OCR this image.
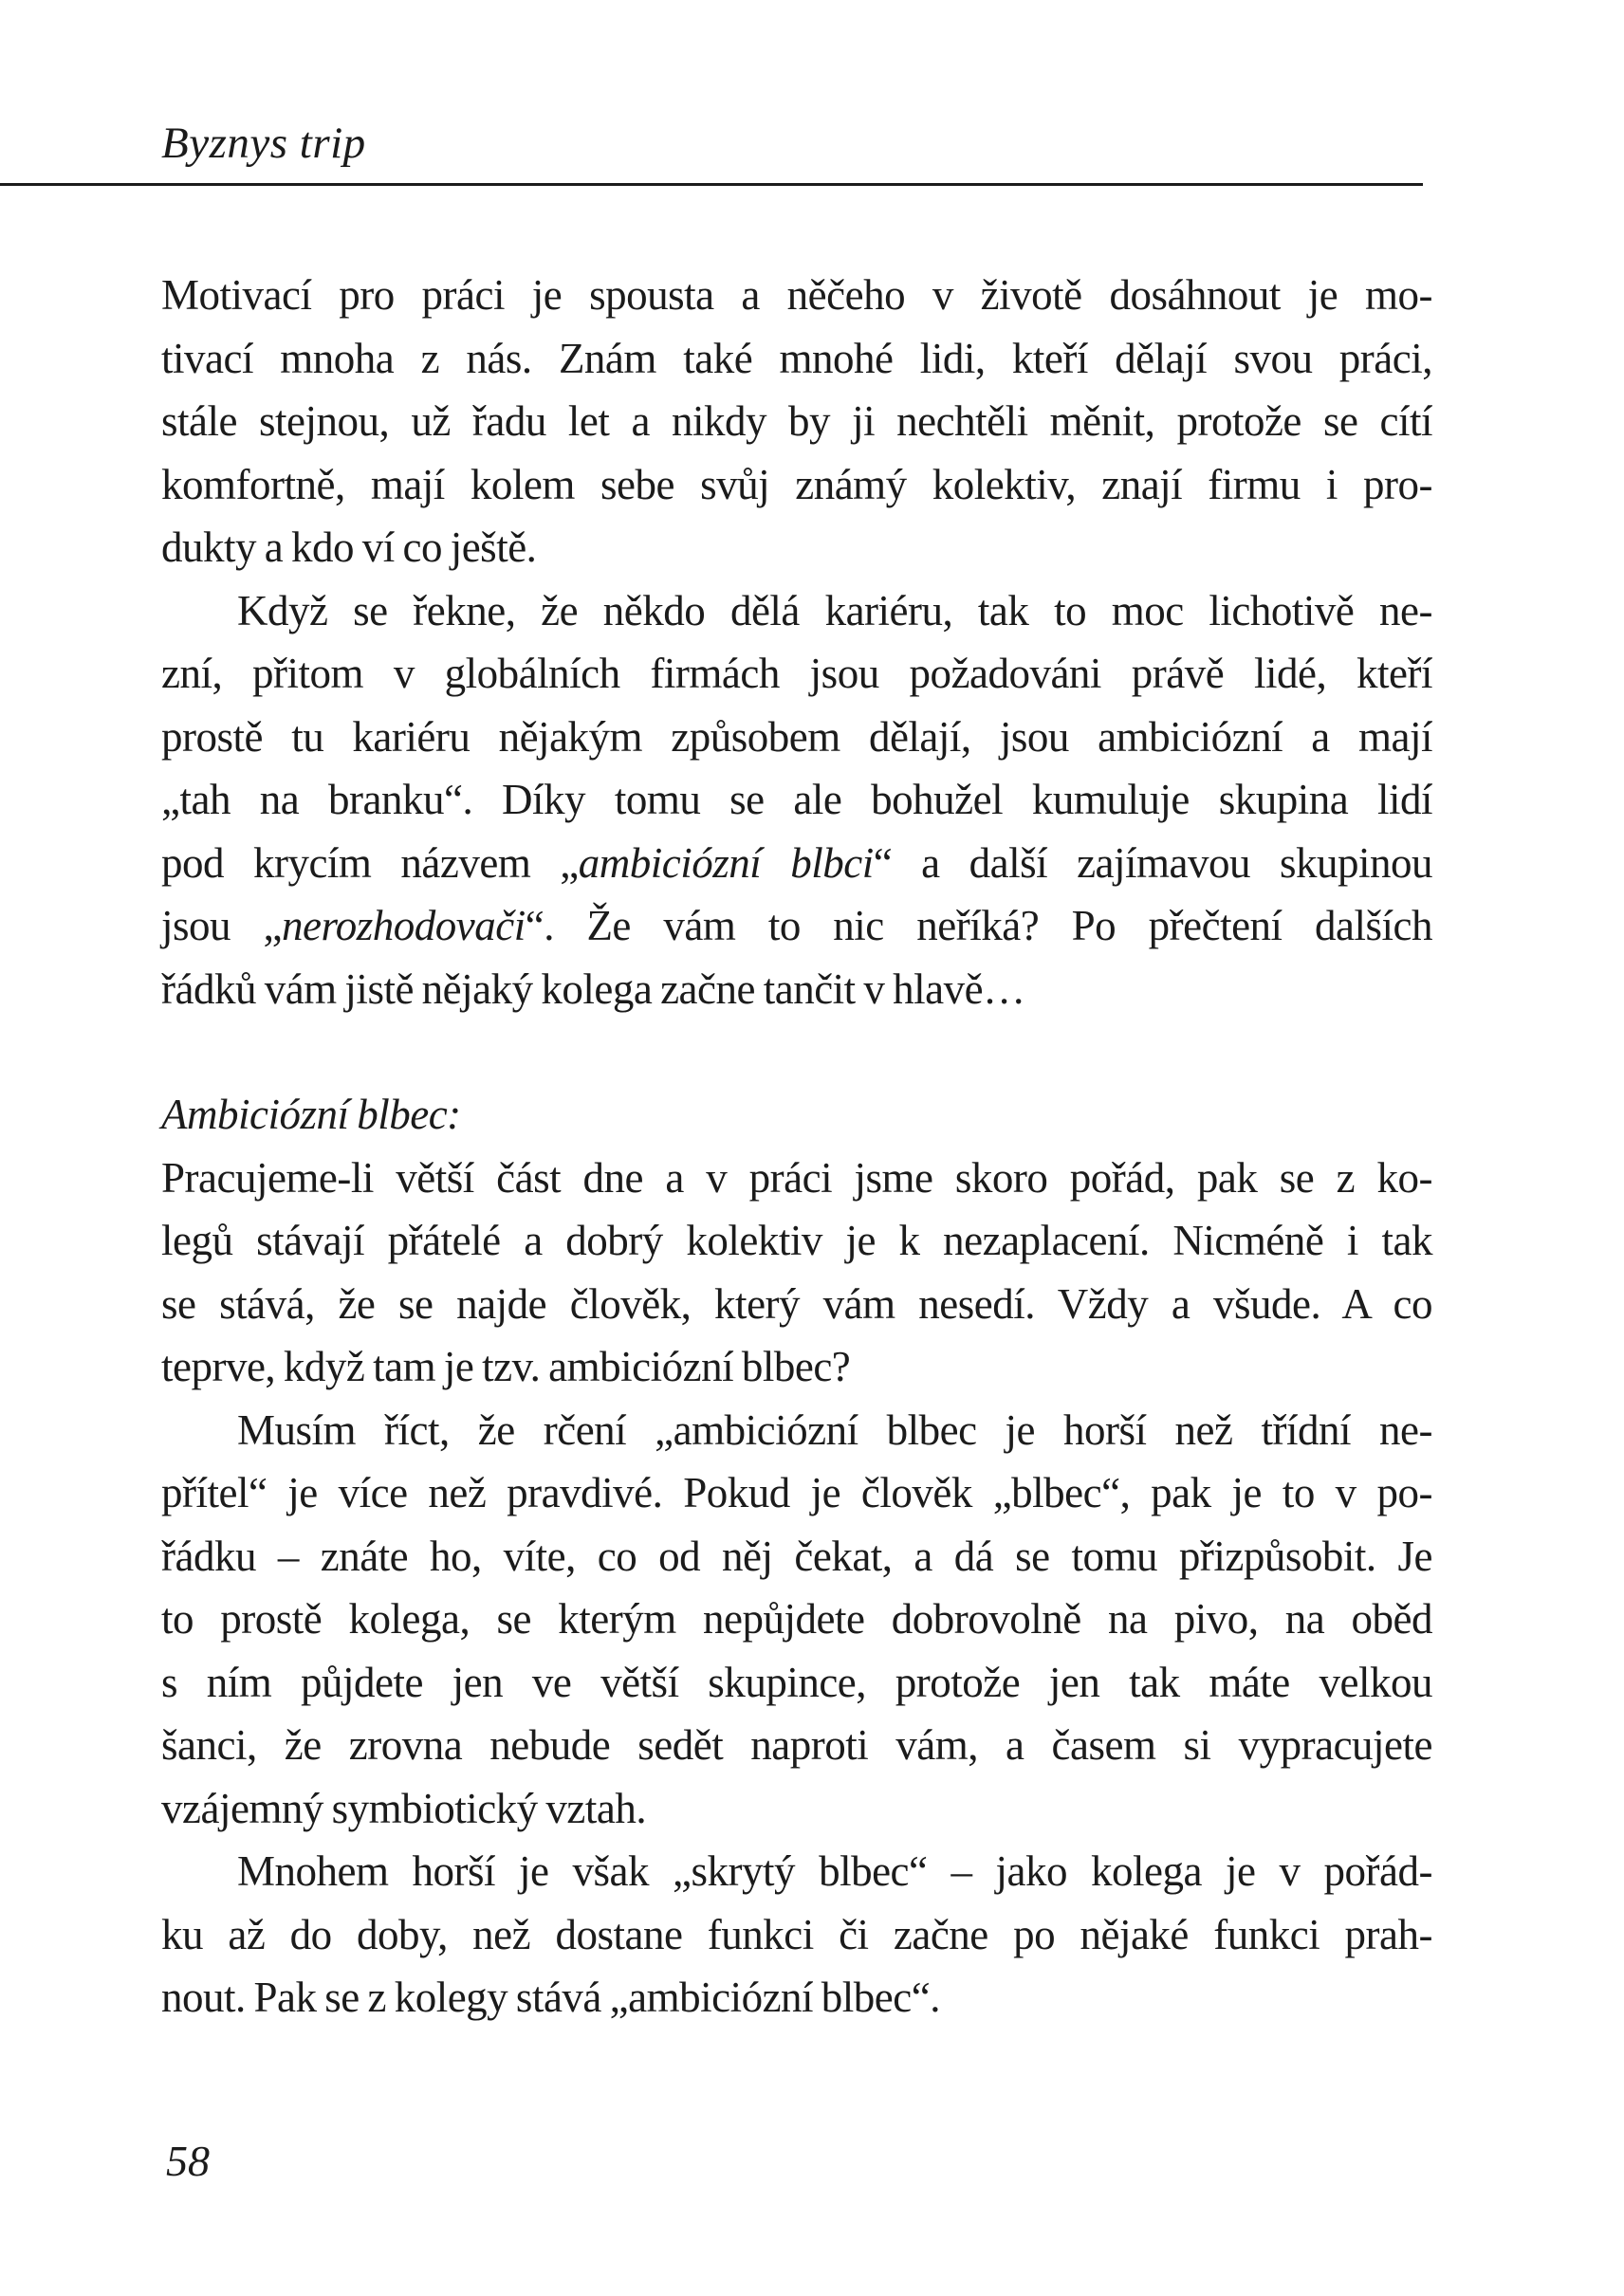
Byznys trip

Motivací pro práci je spousta a něčeho v životě dosáhnout je mo-
tivací mnoha z nás. Znám také mnohé lidi, kteří dělají svou práci,
stále stejnou, už řadu let a nikdy by ji nechtěli měnit, protože se cítí
komfortně, mají kolem sebe svůj známý kolektiv, znají firmu i pro-
dukty a kdo ví co ještě.

Když se řekne, že někdo dělá kariéru, tak to moc lichotivě ne-
zní, přitom v globálních firmách jsou požadováni právě lidé, kteří
prostě tu kariéru nějakým způsobem dělají, jsou ambiciózní a mají
„tah na branku“. Díky tomu se ale bohužel kumuluje skupina lidí
pod krycím názvem „ambiciózní blbci“ a další zajímavou skupinou
jsou „nerozhodovači“. Že vám to nic neříká? Po přečtení dalších
řádků vám jistě nějaký kolega začne tančit v hlavě…

Ambiciózní blbec:

Pracujeme-li větší část dne a v práci jsme skoro pořád, pak se z ko-
legů stávají přátelé a dobrý kolektiv je k nezaplacení. Nicméně i tak
se stává, že se najde člověk, který vám nesedí. Vždy a všude. A co
teprve, když tam je tzv. ambiciózní blbec?

Musím říct, že rčení „ambiciózní blbec je horší než třídní ne-
přítel“ je více než pravdivé. Pokud je člověk „blbec“, pak je to v po-
řádku – znáte ho, víte, co od něj čekat, a dá se tomu přizpůsobit. Je
to prostě kolega, se kterým nepůjdete dobrovolně na pivo, na oběd
s ním půjdete jen ve větší skupince, protože jen tak máte velkou
šanci, že zrovna nebude sedět naproti vám, a časem si vypracujete
vzájemný symbiotický vztah.

Mnohem horší je však „skrytý blbec“ – jako kolega je v pořád-
ku až do doby, než dostane funkci či začne po nějaké funkci prah-
nout. Pak se z kolegy stává „ambiciózní blbec“.

58
